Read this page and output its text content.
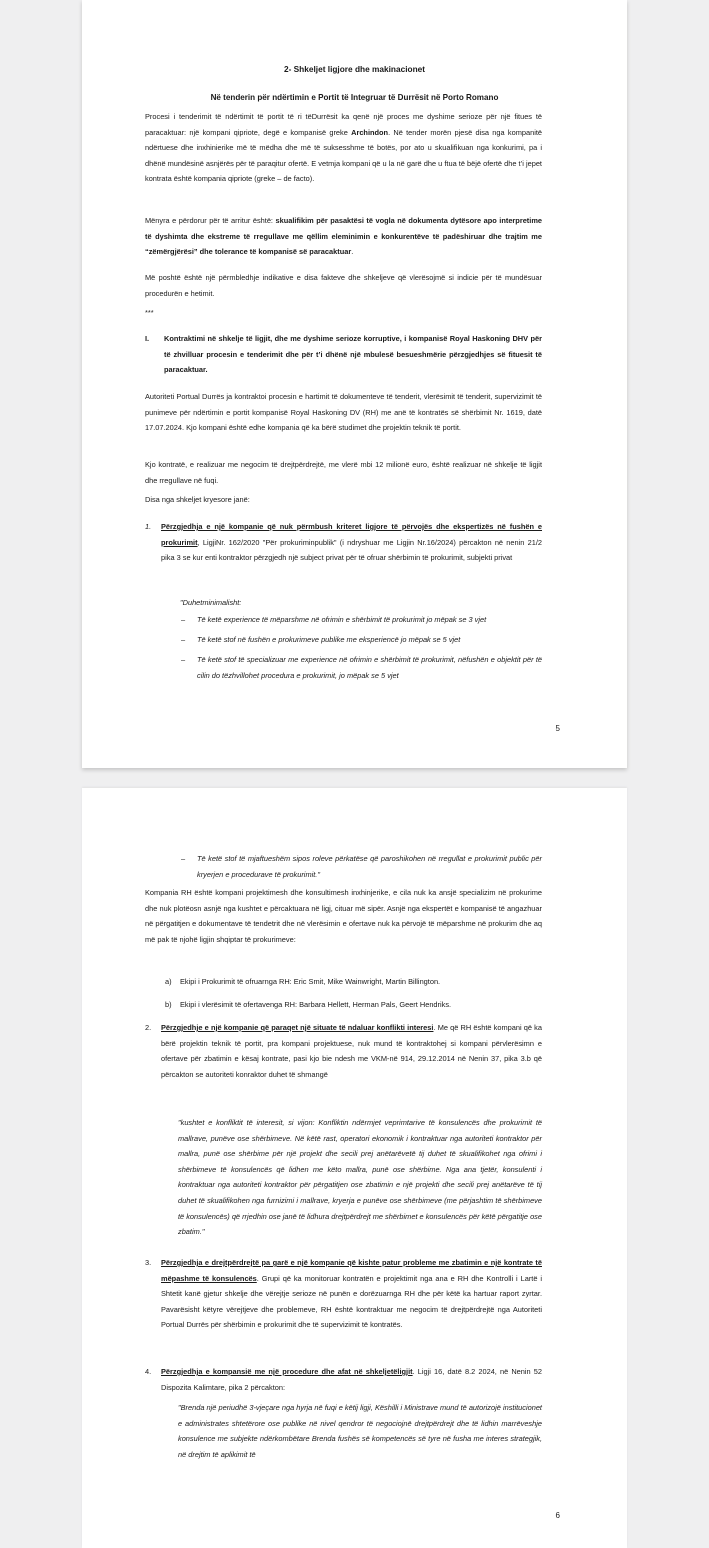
2- Shkeljet ligjore dhe makinacionet

Në tenderin për ndërtimin e Portit të Integruar të Durrësit në Porto Romano

Procesi i tenderimit të ndërtimit të portit të ri tëDurrësit ka qenë një proces me dyshime serioze për një fitues të paracaktuar: një kompani qipriote, degë e kompanisë greke Archindon. Në tender morën pjesë disa nga kompanitë ndërtuese dhe inxhinierike më të mëdha dhe më të suksesshme të botës, por ato u skualifikuan nga konkurimi, pa i dhënë mundësinë asnjërës për të paraqitur ofertë. E vetmja kompani që u la në garë dhe u ftua të bëjë ofertë dhe t’i jepet kontrata është kompania qipriote (greke – de facto).

Mënyra e përdorur për të arritur është: skualifikim për pasaktësi të vogla në dokumenta dytësore apo interpretime të dyshimta dhe ekstreme të rregullave me qëllim eleminimin e konkurentëve të padëshiruar dhe trajtim me “zëmërgjërësi” dhe tolerance të kompanisë së paracaktuar.

Më poshtë është një përmbledhje indikative e disa fakteve dhe shkeljeve që vlerësojmë si indicie për të mundësuar procedurën e hetimit.

***

I. Kontraktimi në shkelje të ligjit, dhe me dyshime serioze korruptive, i kompanisë Royal Haskoning DHV për të zhvilluar procesin e tenderimit dhe për t’i dhënë një mbulesë besueshmërie përzgjedhjes së fituesit të paracaktuar.

Autoriteti Portual Durrës ja kontraktoi procesin e hartimit të dokumenteve të tenderit, vlerësimit të tenderit, supervizimit të punimeve për ndërtimin e portit kompanisë Royal Haskoning DV (RH) me anë të kontratës së shërbimit Nr. 1619, datë 17.07.2024. Kjo kompani është edhe kompania që ka bërë studimet dhe projektin teknik të portit.

Kjo kontratë, e realizuar me negocim të drejtpërdrejtë, me vlerë mbi 12 milionë euro, është realizuar në shkelje të ligjit dhe rregullave në fuqi.

Disa nga shkeljet kryesore janë:

1. Përzgjedhja e një kompanie që nuk përmbush kriteret ligjore të përvojës dhe ekspertizës në fushën e prokurimit, LigjiNr. 162/2020 "Për prokuriminpublik" (i ndryshuar me Ligjin Nr.16/2024) përcakton në nenin 21/2 pika 3 se kur enti kontraktor përzgjedh një subject privat për të ofruar shërbimin të prokurimit, subjekti privat

"Duhetminimalisht:

– Të ketë experience të mëparshme në ofrimin e shërbimit të prokurimit jo mëpak se 3 vjet

– Të ketë stof në fushën e prokurimeve publike me eksperiencë jo mëpak se 5 vjet

– Të ketë stof të specializuar me experience në ofrimin e shërbimit të prokurimit, nëfushën e objektit për të cilin do tëzhvillohet procedura e prokurimit, jo mëpak se 5 vjet

5
– Të ketë stof të mjaftueshëm sipos roleve përkatëse që paroshikohen në rregullat e prokurimit public për kryerjen e procedurave të prokurimit."

Kompania RH është kompani projektimesh dhe konsultimesh inxhinjerike, e cila nuk ka ansjë specializim në prokurime dhe nuk plotëosn asnjë nga kushtet e përcaktuara në ligj, cituar më sipër. Asnjë nga ekspertët e kompanisë të angazhuar në përgatitjen e dokumentave të tendetrit dhe në vlerësimin e ofertave nuk ka përvojë të mëparshme në prokurim dhe aq më pak të njohë ligjin shqiptar të prokurimeve:

a) Ekipi i Prokurimit të ofruarnga RH: Eric Smit, Mike Wainwright, Martin Billington.

b) Ekipi i vlerësimit të ofertavenga RH: Barbara Hellett, Herman Pals, Geert Hendriks.

2. Përzgjedhje e një kompanie që paraqet një situate të ndaluar konflikti interesi. Me që RH është kompani që ka bërë projektin teknik të portit, pra kompani projektuese, nuk mund të kontraktohej si kompani përvlerësimn e ofertave për zbatimin e kësaj kontrate, pasi kjo bie ndesh me VKM-në 914, 29.12.2014 në Nenin 37, pika 3.b që përcakton se autoriteti konraktor duhet të shmangë

"kushtet e konfliktit të interesit, si vijon: Konfliktin ndërmjet veprimtarive të konsulencës dhe prokurimit të mallrave, punëve ose shërbimeve. Në këtë rast, operatori ekonomik i kontraktuar nga autoriteti kontraktor për mallra, punë ose shërbime për një projekt dhe secili prej anëtarëvetë tij duhet të skualifikohet nga ofrimi i shërbimeve të konsulencës që lidhen me këto mallra, punë ose shërbime. Nga ana tjetër, konsulenti i kontraktuar nga autoriteti kontraktor për përgatitjen ose zbatimin e një projekti dhe secili prej anëtarëve të tij duhet të skualifikohen nga furnizimi i mallrave, kryerja e punëve ose shërbimeve (me përjashtim të shërbimeve të konsulencës) që rrjedhin ose janë të lidhura drejtpërdrejt me shërbimet e konsulencës për këtë përgatitje ose zbatim."

3. Përzgjedhja e drejtpërdrejtë pa garë e një kompanie që kishte patur probleme me zbatimin e një kontrate të mëpashme të konsulencës. Grupi që ka monitoruar kontratën e projektimit nga ana e RH dhe Kontrolli i Lartë i Shtetit kanë gjetur shkelje dhe vërejtje serioze në punën e dorëzuarnga RH dhe për këtë ka hartuar raport zyrtar. Pavarësisht këtyre vërejtjeve dhe problemeve, RH është kontraktuar me negocim të drejtpërdrejtë nga Autoriteti Portual Durrës për shërbimin e prokurimit dhe të supervizimit të kontratës.

4. Përzgjedhja e kompansië me një procedure dhe afat në shkeljetëligjit. Ligji 16, datë 8.2 2024, në Nenin 52 Dispozita Kalimtare, pika 2 përcakton:

"Brenda një periudhë 3-vjeçare nga hyrja në fuqi e këtij ligji, Këshilli i Ministrave mund të autorizojë institucionet e administrates shtetërore ose publike në nivel qendror të negociojnë drejtpërdrejt dhe të lidhin marrëveshje konsulence me subjekte ndërkombëtare Brenda fushës së kompetencës së tyre në fusha me interes strategjik, në drejtim të aplikimit të

6
